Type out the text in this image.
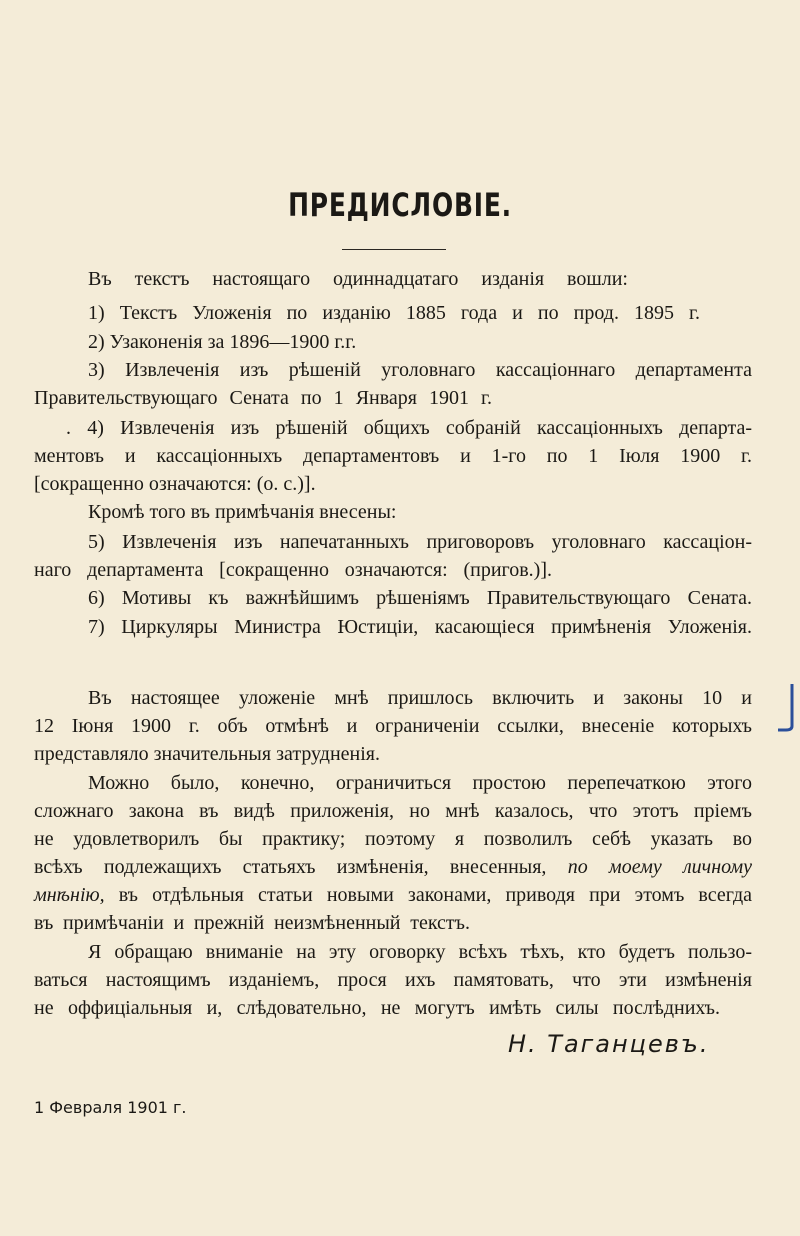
ПРЕДИСЛОВІЕ.
Въ текстъ настоящаго одиннадцатаго изданія вошли:
1) Текстъ Уложенія по изданію 1885 года и по прод. 1895 г.
2) Узаконенія за 1896—1900 г.г.
3) Извлеченія изъ рѣшеній уголовнаго кассаціоннаго департамента
Правительствующаго Сената по 1 Января 1901 г.
. 4) Извлеченія изъ рѣшеній общихъ собраній кассаціонныхъ департа-
ментовъ и кассаціонныхъ департаментовъ и 1-го по 1 Іюля 1900 г.
[сокращенно означаются: (о. с.)].
Кромѣ того въ примѣчанія внесены:
5) Извлеченія изъ напечатанныхъ приговоровъ уголовнаго кассаціон-
наго департамента [сокращенно означаются: (пригов.)].
6) Мотивы къ важнѣйшимъ рѣшеніямъ Правительствующаго Сената.
7) Циркуляры Министра Юстиціи, касающіеся примѣненія Уложенія.
Въ настоящее уложеніе мнѣ пришлось включить и законы 10 и
12 Іюня 1900 г. объ отмѣнѣ и ограниченіи ссылки, внесеніе которыхъ
представляло значительныя затрудненія.
Можно было, конечно, ограничиться простою перепечаткою этого
сложнаго закона въ видѣ приложенія, но мнѣ казалось, что этотъ пріемъ
не удовлетворилъ бы практику; поэтому я позволилъ себѣ указать во
всѣхъ подлежащихъ статьяхъ измѣненія, внесенныя, по моему личному
мнѣнію, въ отдѣльныя статьи новыми законами, приводя при этомъ всегда
въ примѣчаніи и прежній неизмѣненный текстъ.
Я обращаю вниманіе на эту оговорку всѣхъ тѣхъ, кто будетъ пользо-
ваться настоящимъ изданіемъ, прося ихъ памятовать, что эти измѣненія
не оффиціальныя и, слѣдовательно, не могутъ имѣть силы послѣднихъ.
Н. Таганцевъ.
1 Февраля 1901 г.
